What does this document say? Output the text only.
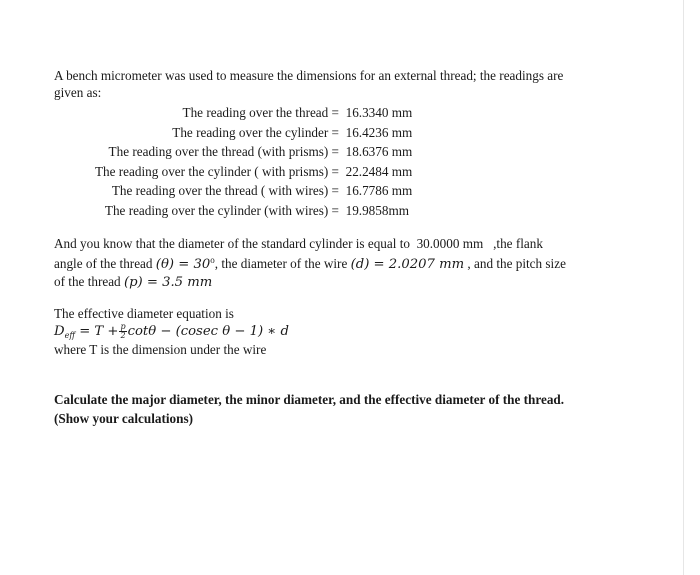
A bench micrometer was used to measure the dimensions for an external thread; the readings are
given as:
The reading over the thread = 16.3340 mm
The reading over the cylinder = 16.4236 mm
The reading over the thread (with prisms) = 18.6376 mm
The reading over the cylinder ( with prisms) = 22.2484 mm
The reading over the thread ( with wires) = 16.7786 mm
The reading over the cylinder (with wires) = 19.9858mm
And you know that the diameter of the standard cylinder is equal to 30.0000 mm ,the flank
angle of the thread $(\theta) = 30^o$, the diameter of the wire (d) = 2.0207 mm , and the pitch size
of the thread (p) = 3.5 mm
The effective diameter equation is
$D_{eff} = T + \frac{p}{2}$ cotθ − (cosec θ − 1) ∗ d
where T is the dimension under the wire
Calculate the major diameter, the minor diameter, and the effective diameter of the thread.
(Show your calculations)
